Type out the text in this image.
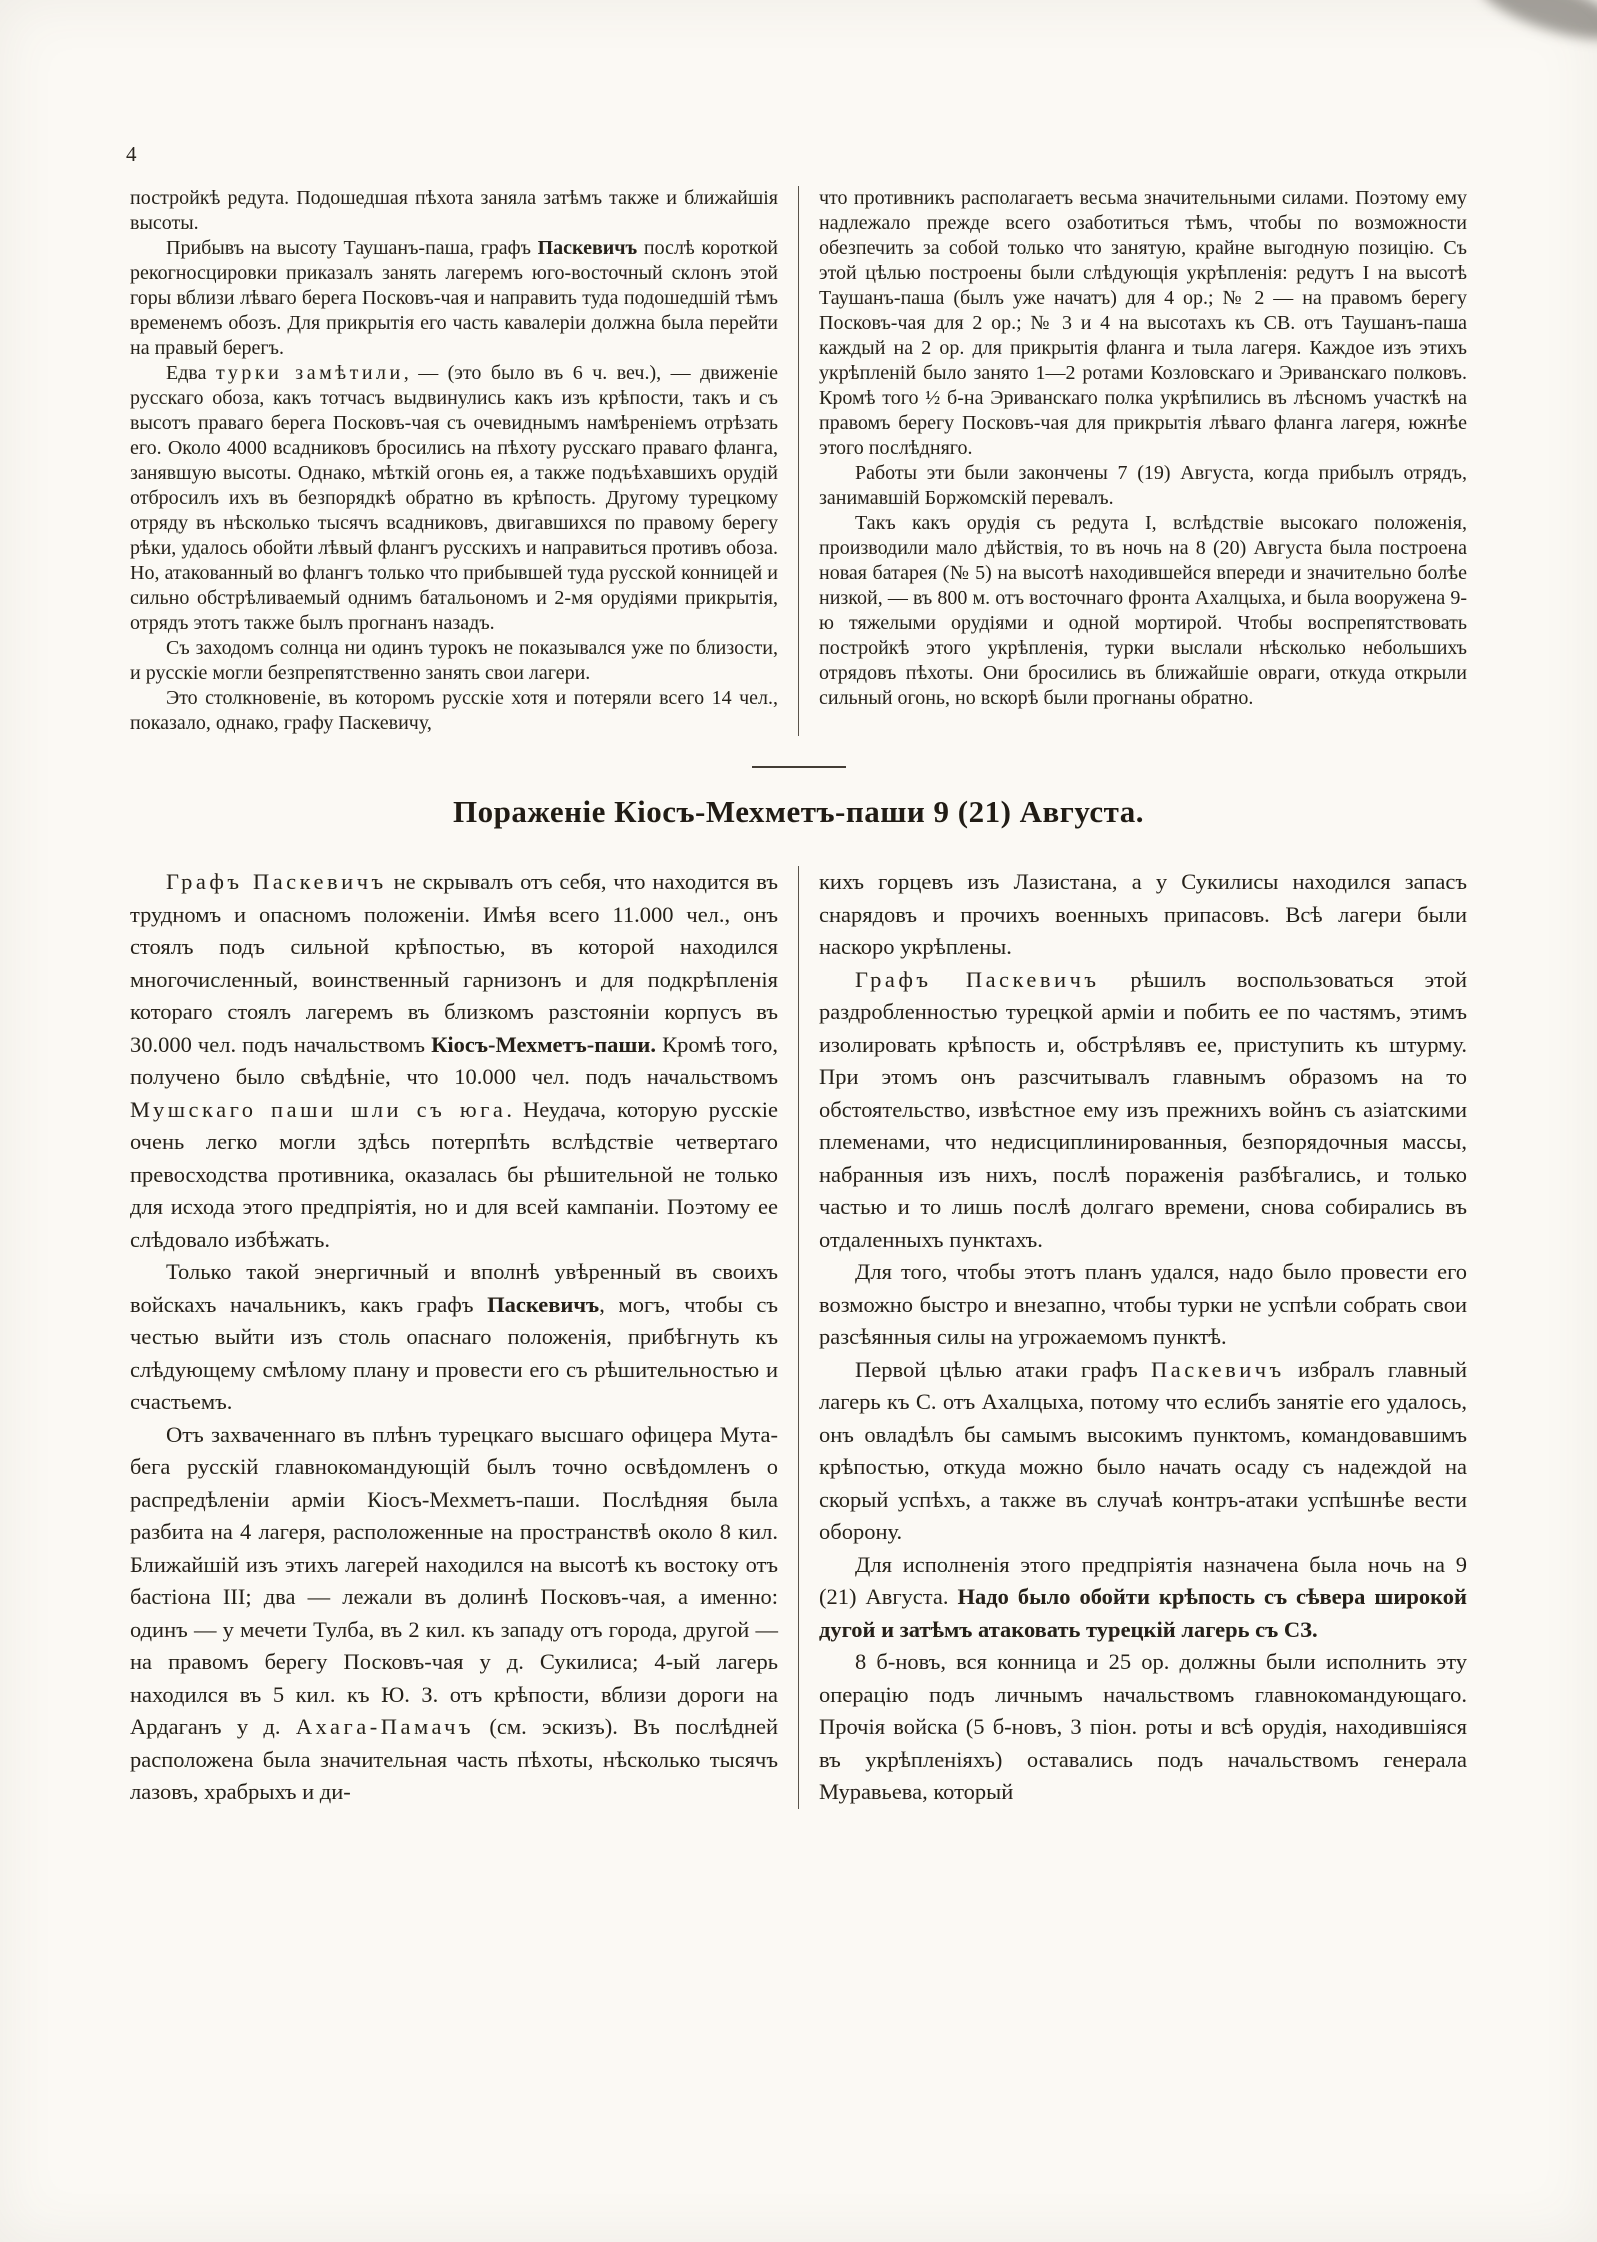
4

постройкѣ редута. Подошедшая пѣхота заняла затѣмъ также и ближайшія высоты.

Прибывъ на высоту Таушанъ-паша, графъ Паскевичъ послѣ короткой рекогносцировки приказалъ занять лагеремъ юго-восточный склонъ этой горы вблизи лѣваго берега Посковъ-чая и направить туда подошедшій тѣмъ временемъ обозъ. Для прикрытія его часть кавалеріи должна была перейти на правый берегъ.

Едва турки замѣтили, — (это было въ 6 ч. веч.), — движеніе русскаго обоза, какъ тотчасъ выдвинулись какъ изъ крѣпости, такъ и съ высотъ праваго берега Посковъ-чая съ очевиднымъ намѣреніемъ отрѣзать его. Около 4000 всадниковъ бросились на пѣхоту русскаго праваго фланга, занявшую высоты. Однако, мѣткій огонь ея, а также подъѣхавшихъ орудій отбросилъ ихъ въ безпорядкѣ обратно въ крѣпость. Другому турецкому отряду въ нѣсколько тысячъ всадниковъ, двигавшихся по правому берегу рѣки, удалось обойти лѣвый флангъ русскихъ и направиться противъ обоза. Но, атакованный во флангъ только что прибывшей туда русской конницей и сильно обстрѣливаемый однимъ батальономъ и 2-мя орудіями прикрытія, отрядъ этотъ также былъ прогнанъ назадъ.

Съ заходомъ солнца ни одинъ турокъ не показывался уже по близости, и русскіе могли безпрепятственно занять свои лагери.

Это столкновеніе, въ которомъ русскіе хотя и потеряли всего 14 чел., показало, однако, графу Паскевичу,

что противникъ располагаетъ весьма значительными силами. Поэтому ему надлежало прежде всего озаботиться тѣмъ, чтобы по возможности обезпечить за собой только что занятую, крайне выгодную позицію. Съ этой цѣлью построены были слѣдующія укрѣпленія: редутъ I на высотѣ Таушанъ-паша (былъ уже начатъ) для 4 ор.; № 2 — на правомъ берегу Посковъ-чая для 2 ор.; № 3 и 4 на высотахъ къ СВ. отъ Таушанъ-паша каждый на 2 ор. для прикрытія фланга и тыла лагеря. Каждое изъ этихъ укрѣпленій было занято 1—2 ротами Козловскаго и Эриванскаго полковъ. Кромѣ того ½ б-на Эриванскаго полка укрѣпились въ лѣсномъ участкѣ на правомъ берегу Посковъ-чая для прикрытія лѣваго фланга лагеря, южнѣе этого послѣдняго.

Работы эти были закончены 7 (19) Августа, когда прибылъ отрядъ, занимавшій Боржомскій перевалъ.

Такъ какъ орудія съ редута I, вслѣдствіе высокаго положенія, производили мало дѣйствія, то въ ночь на 8 (20) Августа была построена новая батарея (№ 5) на высотѣ находившейся впереди и значительно болѣе низкой, — въ 800 м. отъ восточнаго фронта Ахалцыха, и была вооружена 9-ю тяжелыми орудіями и одной мортирой. Чтобы воспрепятствовать постройкѣ этого укрѣпленія, турки выслали нѣсколько небольшихъ отрядовъ пѣхоты. Они бросились въ ближайшіе овраги, откуда открыли сильный огонь, но вскорѣ были прогнаны обратно.

Пораженіе Кіосъ-Мехметъ-паши 9 (21) Августа.

Графъ Паскевичъ не скрывалъ отъ себя, что находится въ трудномъ и опасномъ положеніи. Имѣя всего 11.000 чел., онъ стоялъ подъ сильной крѣпостью, въ которой находился многочисленный, воинственный гарнизонъ и для подкрѣпленія котораго стоялъ лагеремъ въ близкомъ разстояніи корпусъ въ 30.000 чел. подъ начальствомъ Кіосъ-Мехметъ-паши. Кромѣ того, получено было свѣдѣніе, что 10.000 чел. подъ начальствомъ Мушскаго паши шли съ юга. Неудача, которую русскіе очень легко могли здѣсь потерпѣть вслѣдствіе четвертаго превосходства противника, оказалась бы рѣшительной не только для исхода этого предпріятія, но и для всей кампаніи. Поэтому ее слѣдовало избѣжать.

Только такой энергичный и вполнѣ увѣренный въ своихъ войскахъ начальникъ, какъ графъ Паскевичъ, могъ, чтобы съ честью выйти изъ столь опаснаго положенія, прибѣгнуть къ слѣдующему смѣлому плану и провести его съ рѣшительностью и счастьемъ.

Отъ захваченнаго въ плѣнъ турецкаго высшаго офицера Мута-бега русскій главнокомандующій былъ точно освѣдомленъ о распредѣленіи арміи Кіосъ-Мехметъ-паши. Послѣдняя была разбита на 4 лагеря, расположенные на пространствѣ около 8 кил. Ближайшій изъ этихъ лагерей находился на высотѣ къ востоку отъ бастіона III; два — лежали въ долинѣ Посковъ-чая, а именно: одинъ — у мечети Тулба, въ 2 кил. къ западу отъ города, другой — на правомъ берегу Посковъ-чая у д. Сукилиса; 4-ый лагерь находился въ 5 кил. къ Ю. З. отъ крѣпости, вблизи дороги на Ардаганъ у д. Ахага-Памачъ (см. эскизъ). Въ послѣдней расположена была значительная часть пѣхоты, нѣсколько тысячъ лазовъ, храбрыхъ и ди-

кихъ горцевъ изъ Лазистана, а у Сукилисы находился запасъ снарядовъ и прочихъ военныхъ припасовъ. Всѣ лагери были наскоро укрѣплены.

Графъ Паскевичъ рѣшилъ воспользоваться этой раздробленностью турецкой арміи и побить ее по частямъ, этимъ изолировать крѣпость и, обстрѣлявъ ее, приступить къ штурму. При этомъ онъ разсчитывалъ главнымъ образомъ на то обстоятельство, извѣстное ему изъ прежнихъ войнъ съ азіатскими племенами, что недисциплинированныя, безпорядочныя массы, набранныя изъ нихъ, послѣ пораженія разбѣгались, и только частью и то лишь послѣ долгаго времени, снова собирались въ отдаленныхъ пунктахъ.

Для того, чтобы этотъ планъ удался, надо было провести его возможно быстро и внезапно, чтобы турки не успѣли собрать свои разсѣянныя силы на угрожаемомъ пунктѣ.

Первой цѣлью атаки графъ Паскевичъ избралъ главный лагерь къ С. отъ Ахалцыха, потому что еслибъ занятіе его удалось, онъ овладѣлъ бы самымъ высокимъ пунктомъ, командовавшимъ крѣпостью, откуда можно было начать осаду съ надеждой на скорый успѣхъ, а также въ случаѣ контръ-атаки успѣшнѣе вести оборону.

Для исполненія этого предпріятія назначена была ночь на 9 (21) Августа. Надо было обойти крѣпость съ сѣвера широкой дугой и затѣмъ атаковать турецкій лагерь съ СЗ.

8 б-новъ, вся конница и 25 ор. должны были исполнить эту операцію подъ личнымъ начальствомъ главнокомандующаго. Прочія войска (5 б-новъ, 3 піон. роты и всѣ орудія, находившіяся въ укрѣпленіяхъ) оставались подъ начальствомъ генерала Муравьева, который
